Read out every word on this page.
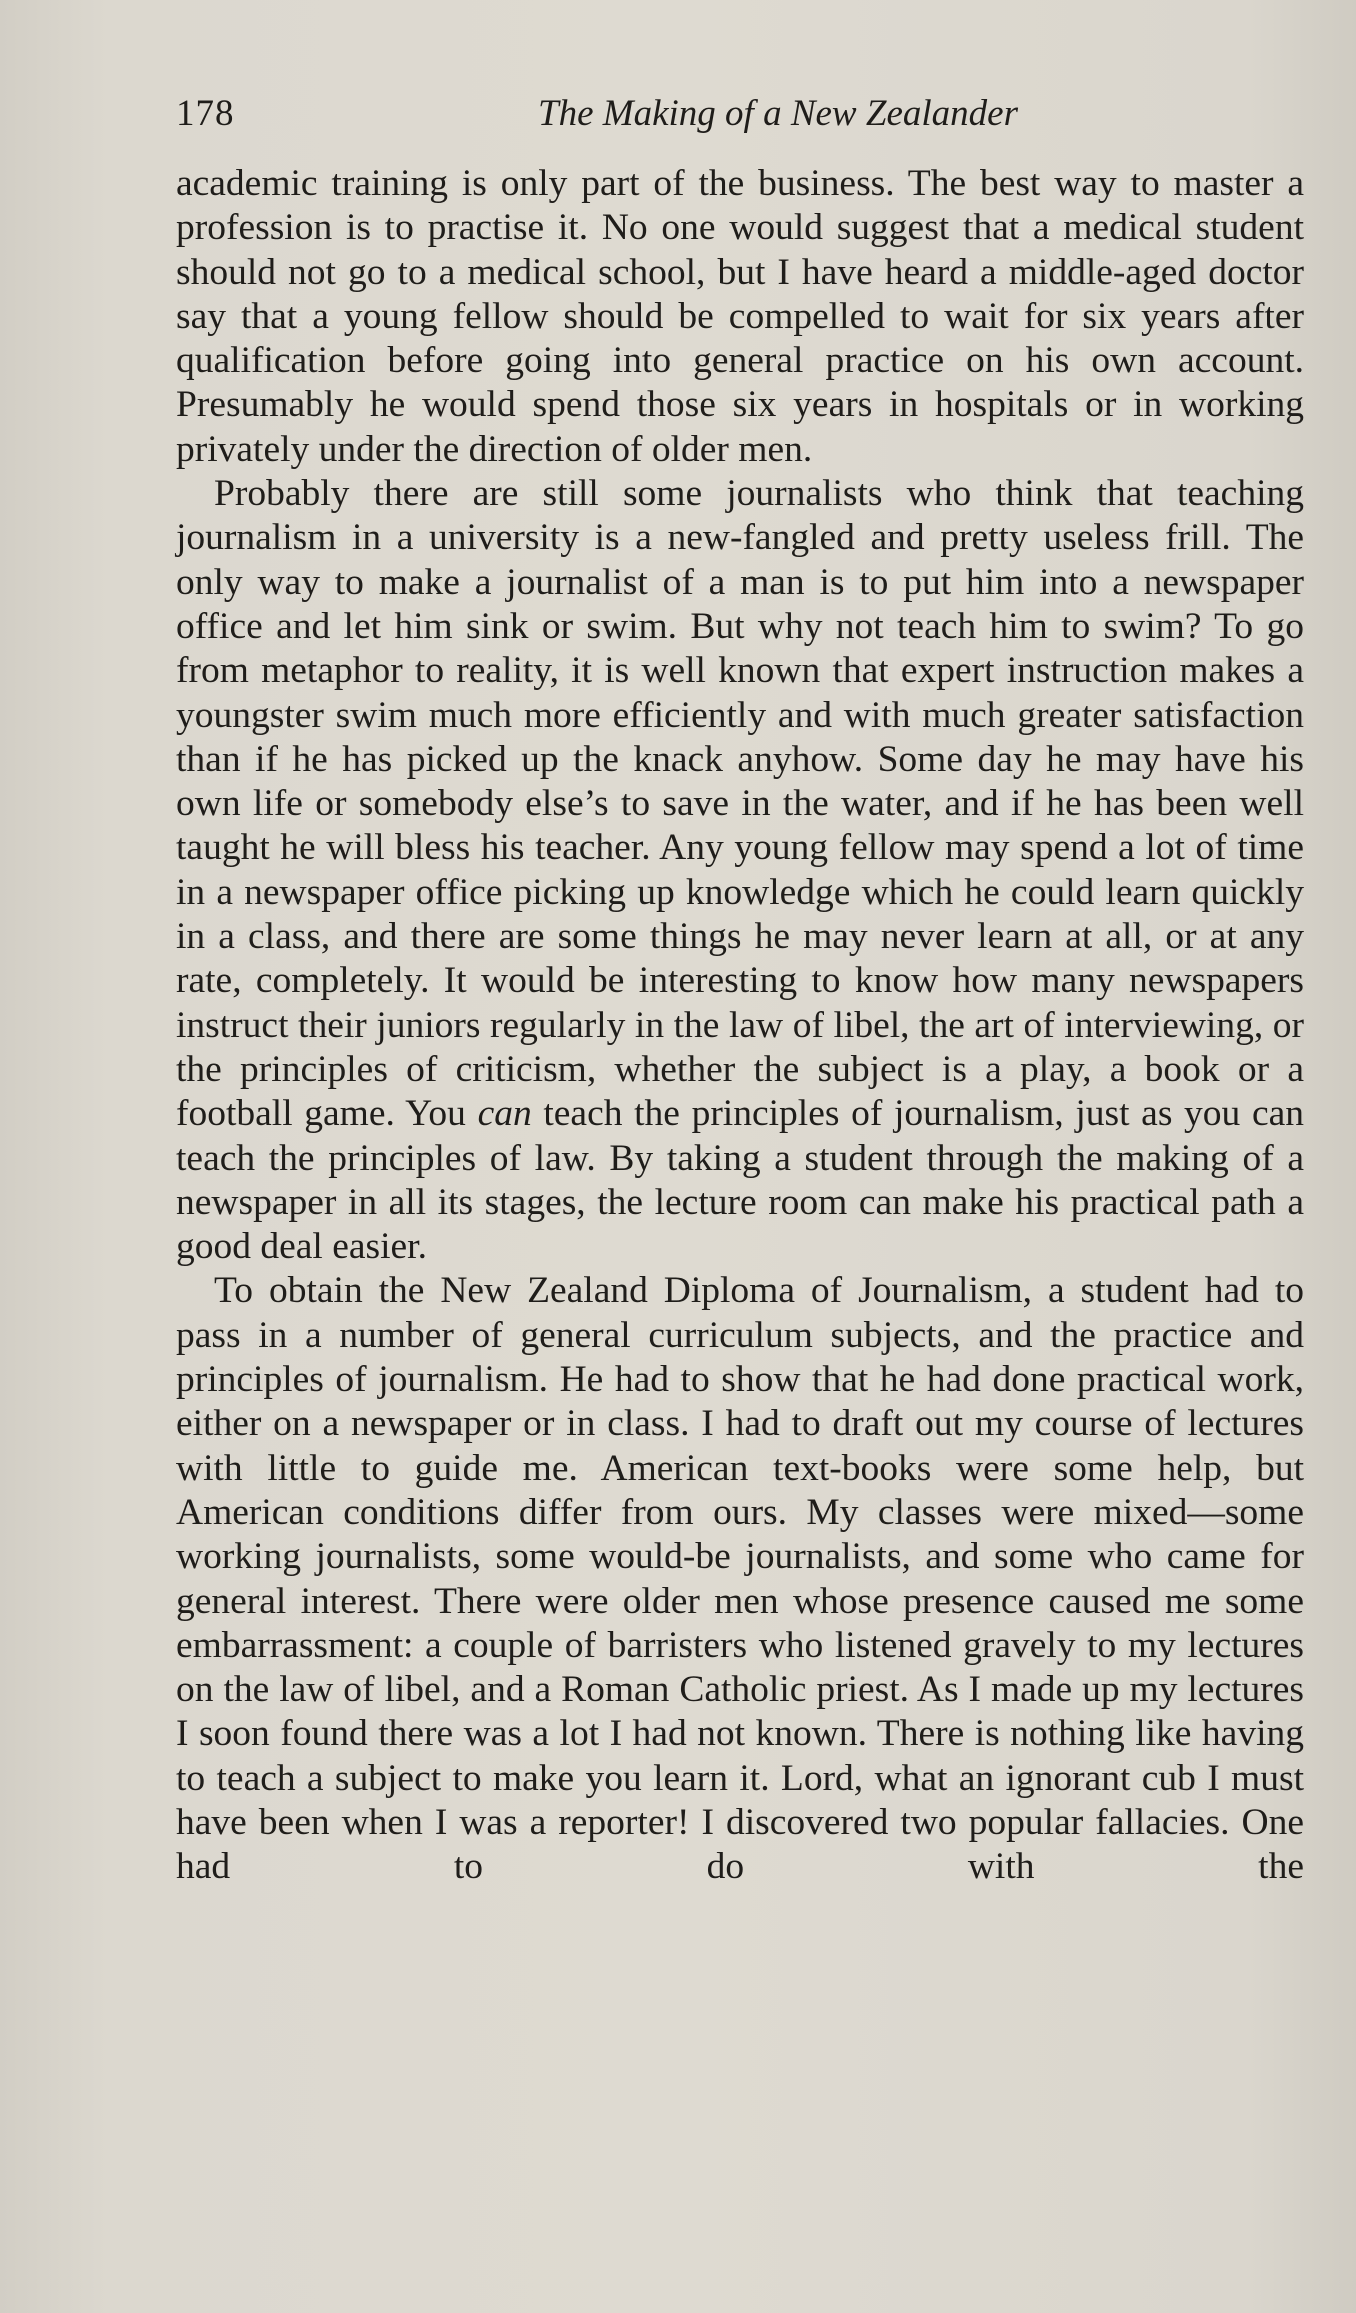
178	The Making of a New Zealander

academic training is only part of the business. The best way to master a profession is to practise it. No one would suggest that a medical student should not go to a medical school, but I have heard a middle-aged doctor say that a young fellow should be compelled to wait for six years after qualification before going into general practice on his own account. Presumably he would spend those six years in hospitals or in working privately under the direction of older men.

Probably there are still some journalists who think that teaching journalism in a university is a new-fangled and pretty useless frill. The only way to make a journalist of a man is to put him into a newspaper office and let him sink or swim. But why not teach him to swim? To go from metaphor to reality, it is well known that expert instruction makes a youngster swim much more efficiently and with much greater satisfaction than if he has picked up the knack anyhow. Some day he may have his own life or somebody else’s to save in the water, and if he has been well taught he will bless his teacher. Any young fellow may spend a lot of time in a newspaper office picking up knowledge which he could learn quickly in a class, and there are some things he may never learn at all, or at any rate, completely. It would be interesting to know how many newspapers instruct their juniors regularly in the law of libel, the art of interviewing, or the principles of criticism, whether the subject is a play, a book or a football game. You can teach the principles of journalism, just as you can teach the principles of law. By taking a student through the making of a newspaper in all its stages, the lecture room can make his practical path a good deal easier.

To obtain the New Zealand Diploma of Journalism, a student had to pass in a number of general curriculum subjects, and the practice and principles of journalism. He had to show that he had done practical work, either on a newspaper or in class. I had to draft out my course of lectures with little to guide me. American text-books were some help, but American conditions differ from ours. My classes were mixed—some working journalists, some would-be journalists, and some who came for general interest. There were older men whose presence caused me some embarrassment: a couple of barristers who listened gravely to my lectures on the law of libel, and a Roman Catholic priest. As I made up my lectures I soon found there was a lot I had not known. There is nothing like having to teach a subject to make you learn it. Lord, what an ignorant cub I must have been when I was a reporter! I discovered two popular fallacies. One had to do with the
